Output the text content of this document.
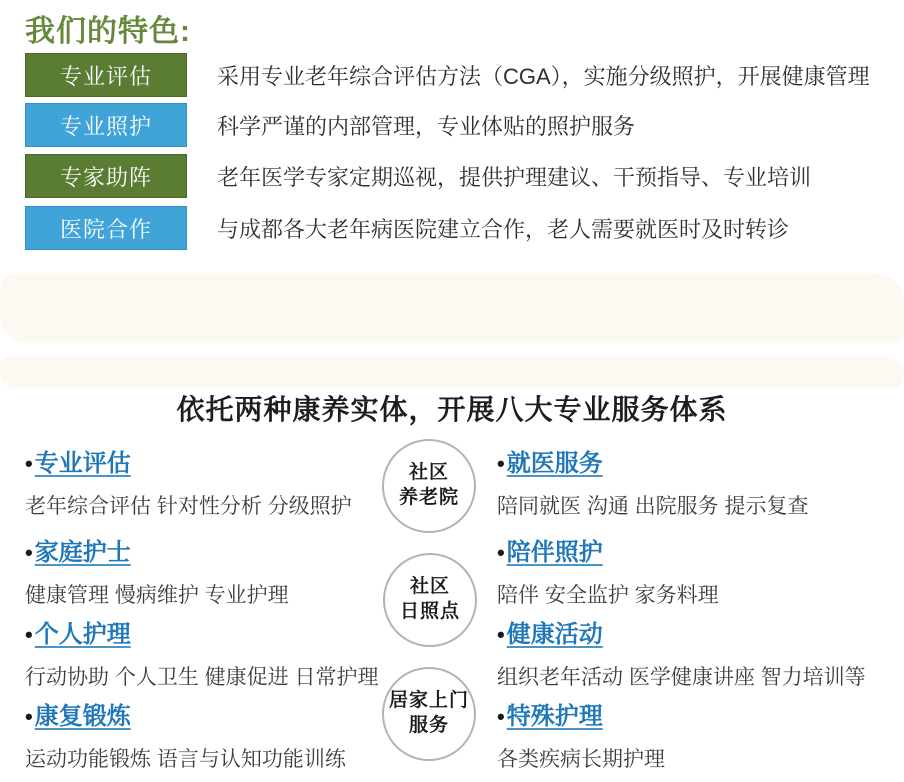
我们的特色:
专业评估	采用专业老年综合评估方法（CGA），实施分级照护，开展健康管理
专业照护	科学严谨的内部管理，专业体贴的照护服务
专家助阵	老年医学专家定期巡视，提供护理建议、干预指导、专业培训
医院合作	与成都各大老年病医院建立合作，老人需要就医时及时转诊
依托两种康养实体，开展八大专业服务体系
•专业评估
老年综合评估 针对性分析 分级照护
•家庭护士
健康管理 慢病维护 专业护理
•个人护理
行动协助 个人卫生 健康促进 日常护理
•康复锻炼
运动功能锻炼 语言与认知功能训练
•就医服务
陪同就医 沟通 出院服务 提示复查
•陪伴照护
陪伴 安全监护 家务料理
•健康活动
组织老年活动 医学健康讲座 智力培训等
•特殊护理
各类疾病长期护理
社区
养老院
社区
日照点
居家上门
服务
